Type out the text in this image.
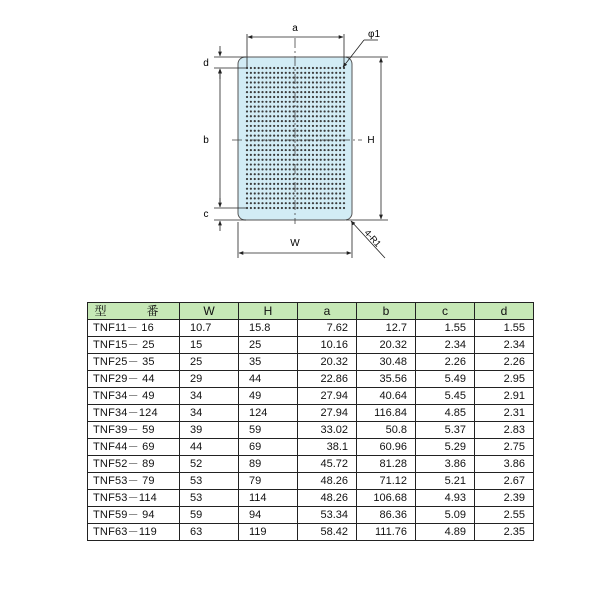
a
φ1
d
b
c
H
W	4-R1
型　番	W	H	a	b	c	d
TNF11－ 16	10.7	15.8	7.62	12.7	1.55	1.55
TNF15－ 25	15	25	10.16	20.32	2.34	2.34
TNF25－ 35	25	35	20.32	30.48	2.26	2.26
TNF29－ 44	29	44	22.86	35.56	5.49	2.95
TNF34－ 49	34	49	27.94	40.64	5.45	2.91
TNF34－124	34	124	27.94	116.84	4.85	2.31
TNF39－ 59	39	59	33.02	50.8	5.37	2.83
TNF44－ 69	44	69	38.1	60.96	5.29	2.75
TNF52－ 89	52	89	45.72	81.28	3.86	3.86
TNF53－ 79	53	79	48.26	71.12	5.21	2.67
TNF53－114	53	114	48.26	106.68	4.93	2.39
TNF59－ 94	59	94	53.34	86.36	5.09	2.55
TNF63－119	63	119	58.42	111.76	4.89	2.35
